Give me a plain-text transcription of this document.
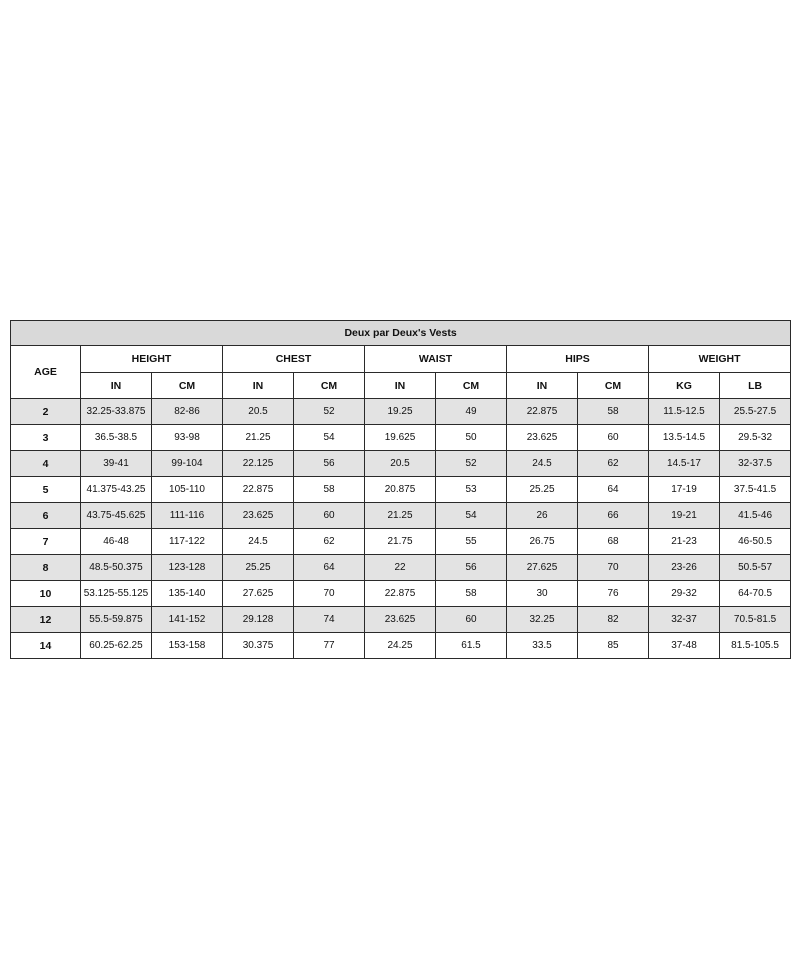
Deux par Deux's Vests										
AGE	HEIGHT		CHEST		WAIST		HIPS		WEIGHT	
	IN	CM	IN	CM	IN	CM	IN	CM	KG	LB
2	32.25-33.875	82-86	20.5	52	19.25	49	22.875	58	11.5-12.5	25.5-27.5
3	36.5-38.5	93-98	21.25	54	19.625	50	23.625	60	13.5-14.5	29.5-32
4	39-41	99-104	22.125	56	20.5	52	24.5	62	14.5-17	32-37.5
5	41.375-43.25	105-110	22.875	58	20.875	53	25.25	64	17-19	37.5-41.5
6	43.75-45.625	111-116	23.625	60	21.25	54	26	66	19-21	41.5-46
7	46-48	117-122	24.5	62	21.75	55	26.75	68	21-23	46-50.5
8	48.5-50.375	123-128	25.25	64	22	56	27.625	70	23-26	50.5-57
10	53.125-55.125	135-140	27.625	70	22.875	58	30	76	29-32	64-70.5
12	55.5-59.875	141-152	29.128	74	23.625	60	32.25	82	32-37	70.5-81.5
14	60.25-62.25	153-158	30.375	77	24.25	61.5	33.5	85	37-48	81.5-105.5
